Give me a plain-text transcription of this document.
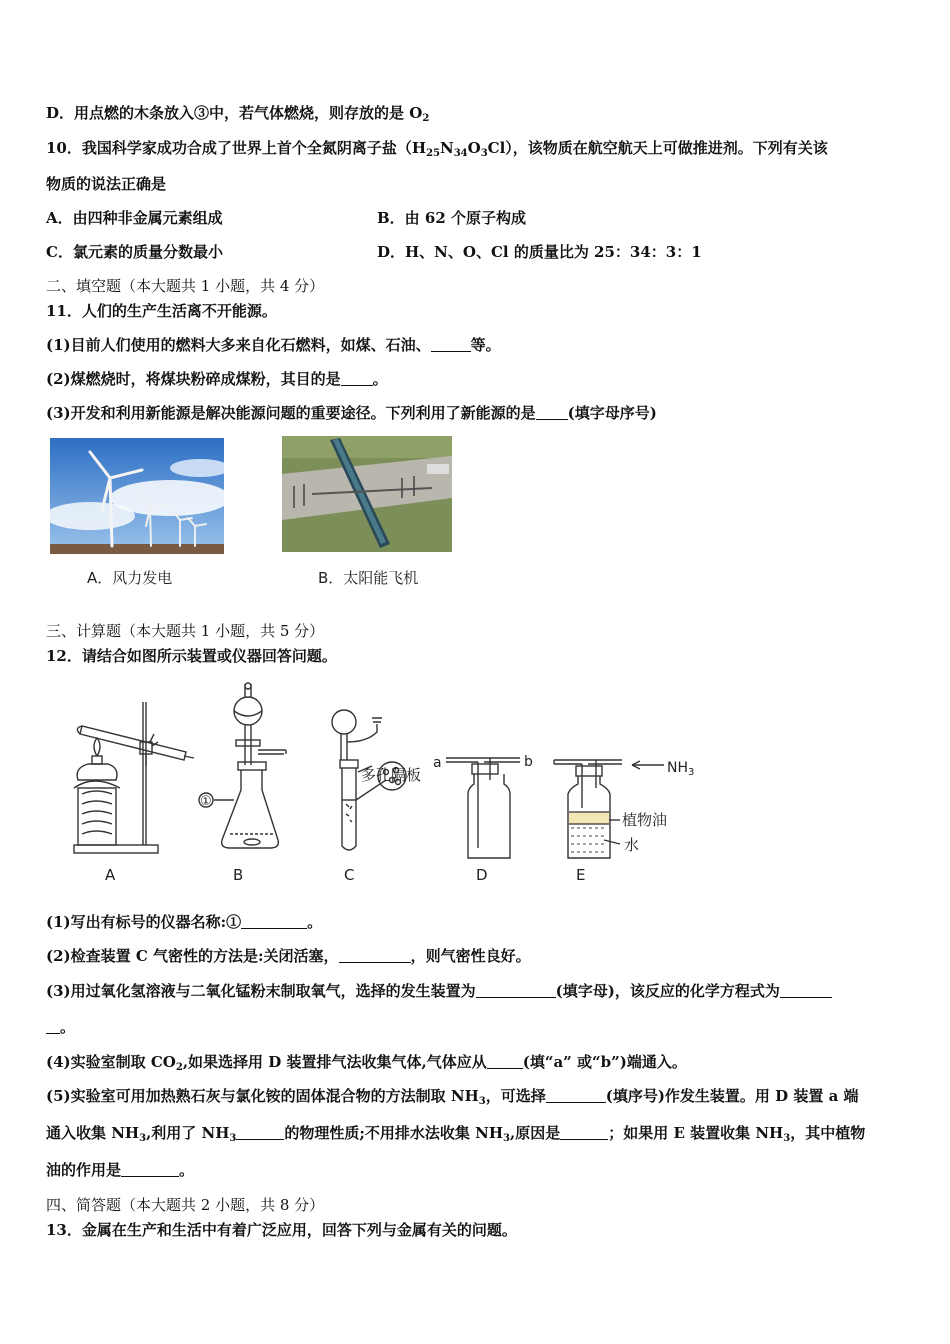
D．用点燃的木条放入③中，若气体燃烧，则存放的是 $O_2$
10．我国科学家成功合成了世界上首个全氮阴离子盐$(H_{25}N_{34}O_3Cl)$，该物质在航空航天上可做推进剂。下列有关该
物质的说法正确是
A．由四种非金属元素组成	B．由 62 个原子构成
C．氯元素的质量分数最小	D．H、N、O、Cl 的质量比为 25：34：3：1
二、填空题（本大题共 1 小题，共 4 分）
11．人们的生产生活离不开能源。
(1)目前人们使用的燃料大多来自化石燃料，如煤、石油、	等。
(2)煤燃烧时，将煤块粉碎成煤粉，其目的是 。
(3)开发和利用新能源是解决能源问题的重要途径。下列利用了新能源的是 (填字母序号)
A．风力发电	B．太阳能飞机
三、计算题（本大题共 1 小题，共 5 分）
12．请结合如图所示装置或仪器回答问题。
①
多孔隔板
a	b	$NH_3$
植物油
水
A	B	C	D	E
(1)写出有标号的仪器名称:①	。
(2)检查装置 C 气密性的方法是:关闭活塞，	，则气密性良好。
(3)用过氧化氢溶液与二氧化锰粉末制取氧气，选择的发生装置为	(填字母)，该反应的化学方程式为
。
(4)实验室制取 $CO_2$,如果选择用 D 装置排气法收集气体,气体应从 (填“a” 或“b”)端通入。
(5)实验室可用加热熟石灰与氯化铵的固体混合物的方法制取 $NH_3$，可选择	(填序号)作发生装置。用 D 装置 a 端
通入收集 $NH_3$,利用了 $NH_3$	的物理性质;不用排水法收集 $NH_3$,原因是	；如果用 E 装置收集 $NH_3$，其中植物
油的作用是	。
四、简答题（本大题共 2 小题，共 8 分）
13．金属在生产和生活中有着广泛应用，回答下列与金属有关的问题。
